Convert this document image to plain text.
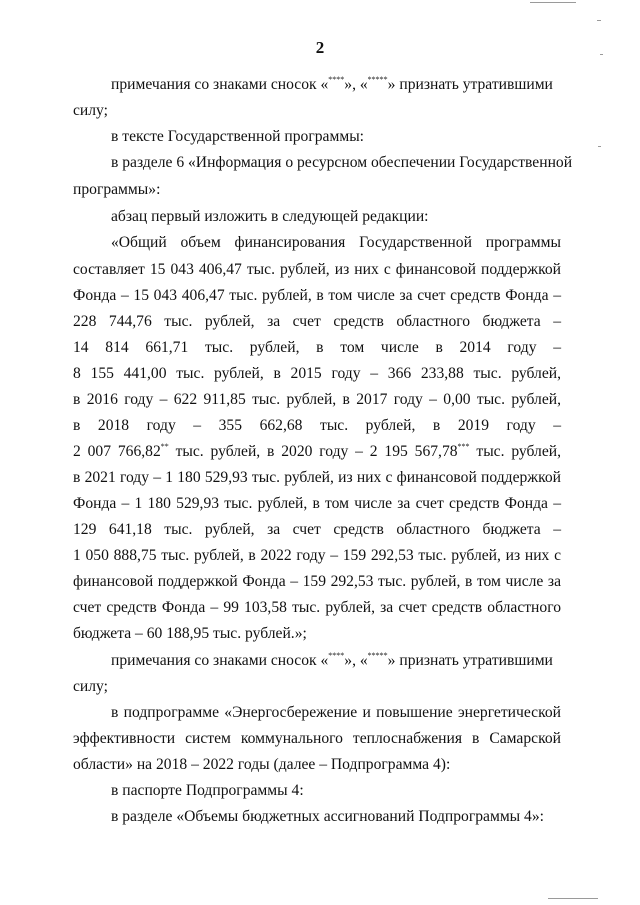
2
примечания со знаками сносок «****», «*****» признать утратившими
силу;
в тексте Государственной программы:
в разделе 6 «Информация о ресурсном обеспечении Государственной
программы»:
абзац первый изложить в следующей редакции:
«Общий объем финансирования Государственной программы
составляет 15 043 406,47 тыс. рублей, из них с финансовой поддержкой
Фонда – 15 043 406,47 тыс. рублей, в том числе за счет средств Фонда –
228 744,76 тыс. рублей, за счет средств областного бюджета –
14 814 661,71 тыс. рублей, в том числе в 2014 году –
8 155 441,00 тыс. рублей, в 2015 году – 366 233,88 тыс. рублей,
в 2016 году – 622 911,85 тыс. рублей, в 2017 году – 0,00 тыс. рублей,
в 2018 году – 355 662,68 тыс. рублей, в 2019 году –
2 007 766,82** тыс. рублей, в 2020 году – 2 195 567,78*** тыс. рублей,
в 2021 году – 1 180 529,93 тыс. рублей, из них с финансовой поддержкой
Фонда – 1 180 529,93 тыс. рублей, в том числе за счет средств Фонда –
129 641,18 тыс. рублей, за счет средств областного бюджета –
1 050 888,75 тыс. рублей, в 2022 году – 159 292,53 тыс. рублей, из них с
финансовой поддержкой Фонда – 159 292,53 тыс. рублей, в том числе за
счет средств Фонда – 99 103,58 тыс. рублей, за счет средств областного
бюджета – 60 188,95 тыс. рублей.»;
примечания со знаками сносок «****», «*****» признать утратившими
силу;
в подпрограмме «Энергосбережение и повышение энергетической
эффективности систем коммунального теплоснабжения в Самарской
области» на 2018 – 2022 годы (далее – Подпрограмма 4):
в паспорте Подпрограммы 4:
в разделе «Объемы бюджетных ассигнований Подпрограммы 4»:
